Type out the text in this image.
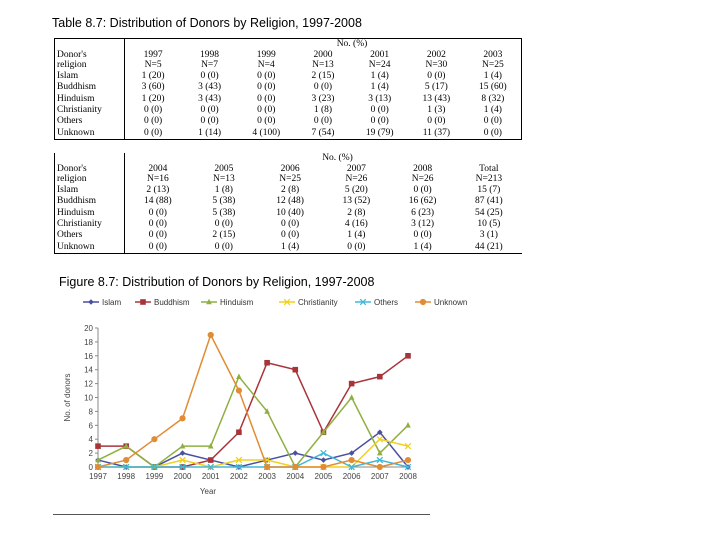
Table 8.7: Distribution of Donors by Religion, 1997-2008
	No. (%)						
Donor's	1997	1998	1999	2000	2001	2002	2003
religion	N=5	N=7	N=4	N=13	N=24	N=30	N=25
Islam	1 (20)	0 (0)	0 (0)	2 (15)	1 (4)	0 (0)	1 (4)
Buddhism	3 (60)	3 (43)	0 (0)	0 (0)	1 (4)	5 (17)	15 (60)
Hinduism	1 (20)	3 (43)	0 (0)	3 (23)	3 (13)	13 (43)	8 (32)
Christianity	0 (0)	0 (0)	0 (0)	1 (8)	0 (0)	1 (3)	1 (4)
Others	0 (0)	0 (0)	0 (0)	0 (0)	0 (0)	0 (0)	0 (0)
Unknown	0 (0)	1 (14)	4 (100)	7 (54)	19 (79)	11 (37)	0 (0)
	No. (%)					
Donor's	2004	2005	2006	2007	2008	Total
religion	N=16	N=13	N=25	N=26	N=26	N=213
Islam	2 (13)	1 (8)	2 (8)	5 (20)	0 (0)	15 (7)
Buddhism	14 (88)	5 (38)	12 (48)	13 (52)	16 (62)	87 (41)
Hinduism	0 (0)	5 (38)	10 (40)	2 (8)	6 (23)	54 (25)
Christianity	0 (0)	0 (0)	0 (0)	4 (16)	3 (12)	10 (5)
Others	0 (0)	2 (15)	0 (0)	1 (4)	0 (0)	3 (1)
Unknown	0 (0)	0 (0)	1 (4)	0 (0)	1 (4)	44 (21)
Figure 8.7: Distribution of Donors by Religion, 1997-2008
0
2
4
6
8
10
12
14
16
18
20
1997 1998 1999 2000 2001 2002 2003 2004 2005 2006 2007 2008
Year
No. of donors
Islam	Buddhism	Hinduism	Christianity	Others	Unknown
